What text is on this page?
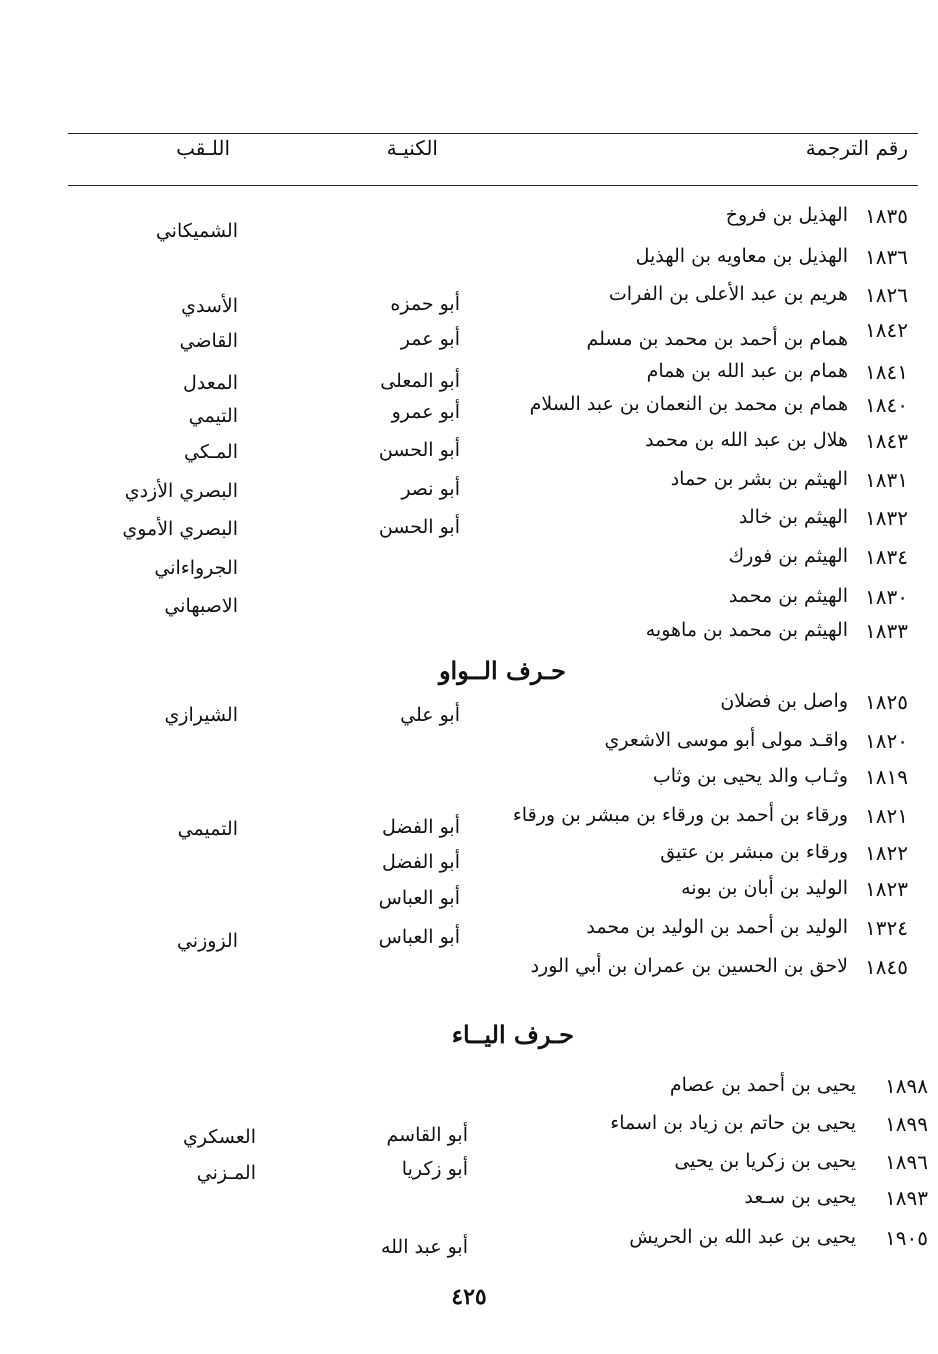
رقم الترجمة
الكنيـة
اللـقب
١٨٣٥
الهذيل بن فروخ
الشميكاني
١٨٣٦
الهذيل بن معاويه بن الهذيل
١٨٢٦
هريم بن عبد الأعلى بن الفرات
أبو حمزه
الأسدي
١٨٤٢
همام بن أحمد بن محمد بن مسلم
أبو عمر
القاضي
١٨٤١
همام بن عبد الله بن همام
أبو المعلى
المعدل
١٨٤٠
همام بن محمد بن النعمان بن عبد السلام
أبو عمرو
التيمي
١٨٤٣
هلال بن عبد الله بن محمد
أبو الحسن
المـكي
١٨٣١
الهيثم بن بشر بن حماد
أبو نصر
البصري الأزدي
١٨٣٢
الهيثم بن خالد
أبو الحسن
البصري الأموي
١٨٣٤
الهيثم بن فورك
الجرواءاني
١٨٣٠
الهيثم بن محمد
الاصبهاني
١٨٣٣
الهيثم بن محمد بن ماهويه
حـرف الــواو
١٨٢٥
واصل بن فضلان
أبو علي
الشيرازي
١٨٢٠
واقـد مولى أبو موسى الاشعري
١٨١٩
وثـاب والد يحيى بن وثاب
١٨٢١
ورقاء بن أحمد بن ورقاء بن مبشر بن ورقاء
أبو الفضل
التميمي
١٨٢٢
ورقاء بن مبشر بن عتيق
أبو الفضل
١٨٢٣
الوليد بن أبان بن بونه
أبو العباس
١٣٢٤
الوليد بن أحمد بن الوليد بن محمد
أبو العباس
الزوزني
١٨٤٥
لاحق بن الحسين بن عمران بن أبي الورد
حـرف اليــاء
١٨٩٨
يحيى بن أحمد بن عصام
١٨٩٩
يحيى بن حاتم بن زياد بن اسماء
أبو القاسم
العسكري
١٨٩٦
يحيى بن زكريا بن يحيى
أبو زكريا
المـزني
١٨٩٣
يحيى بن سـعد
١٩٠٥
يحيى بن عبد الله بن الحريش
أبو عبد الله
٤٢٥
